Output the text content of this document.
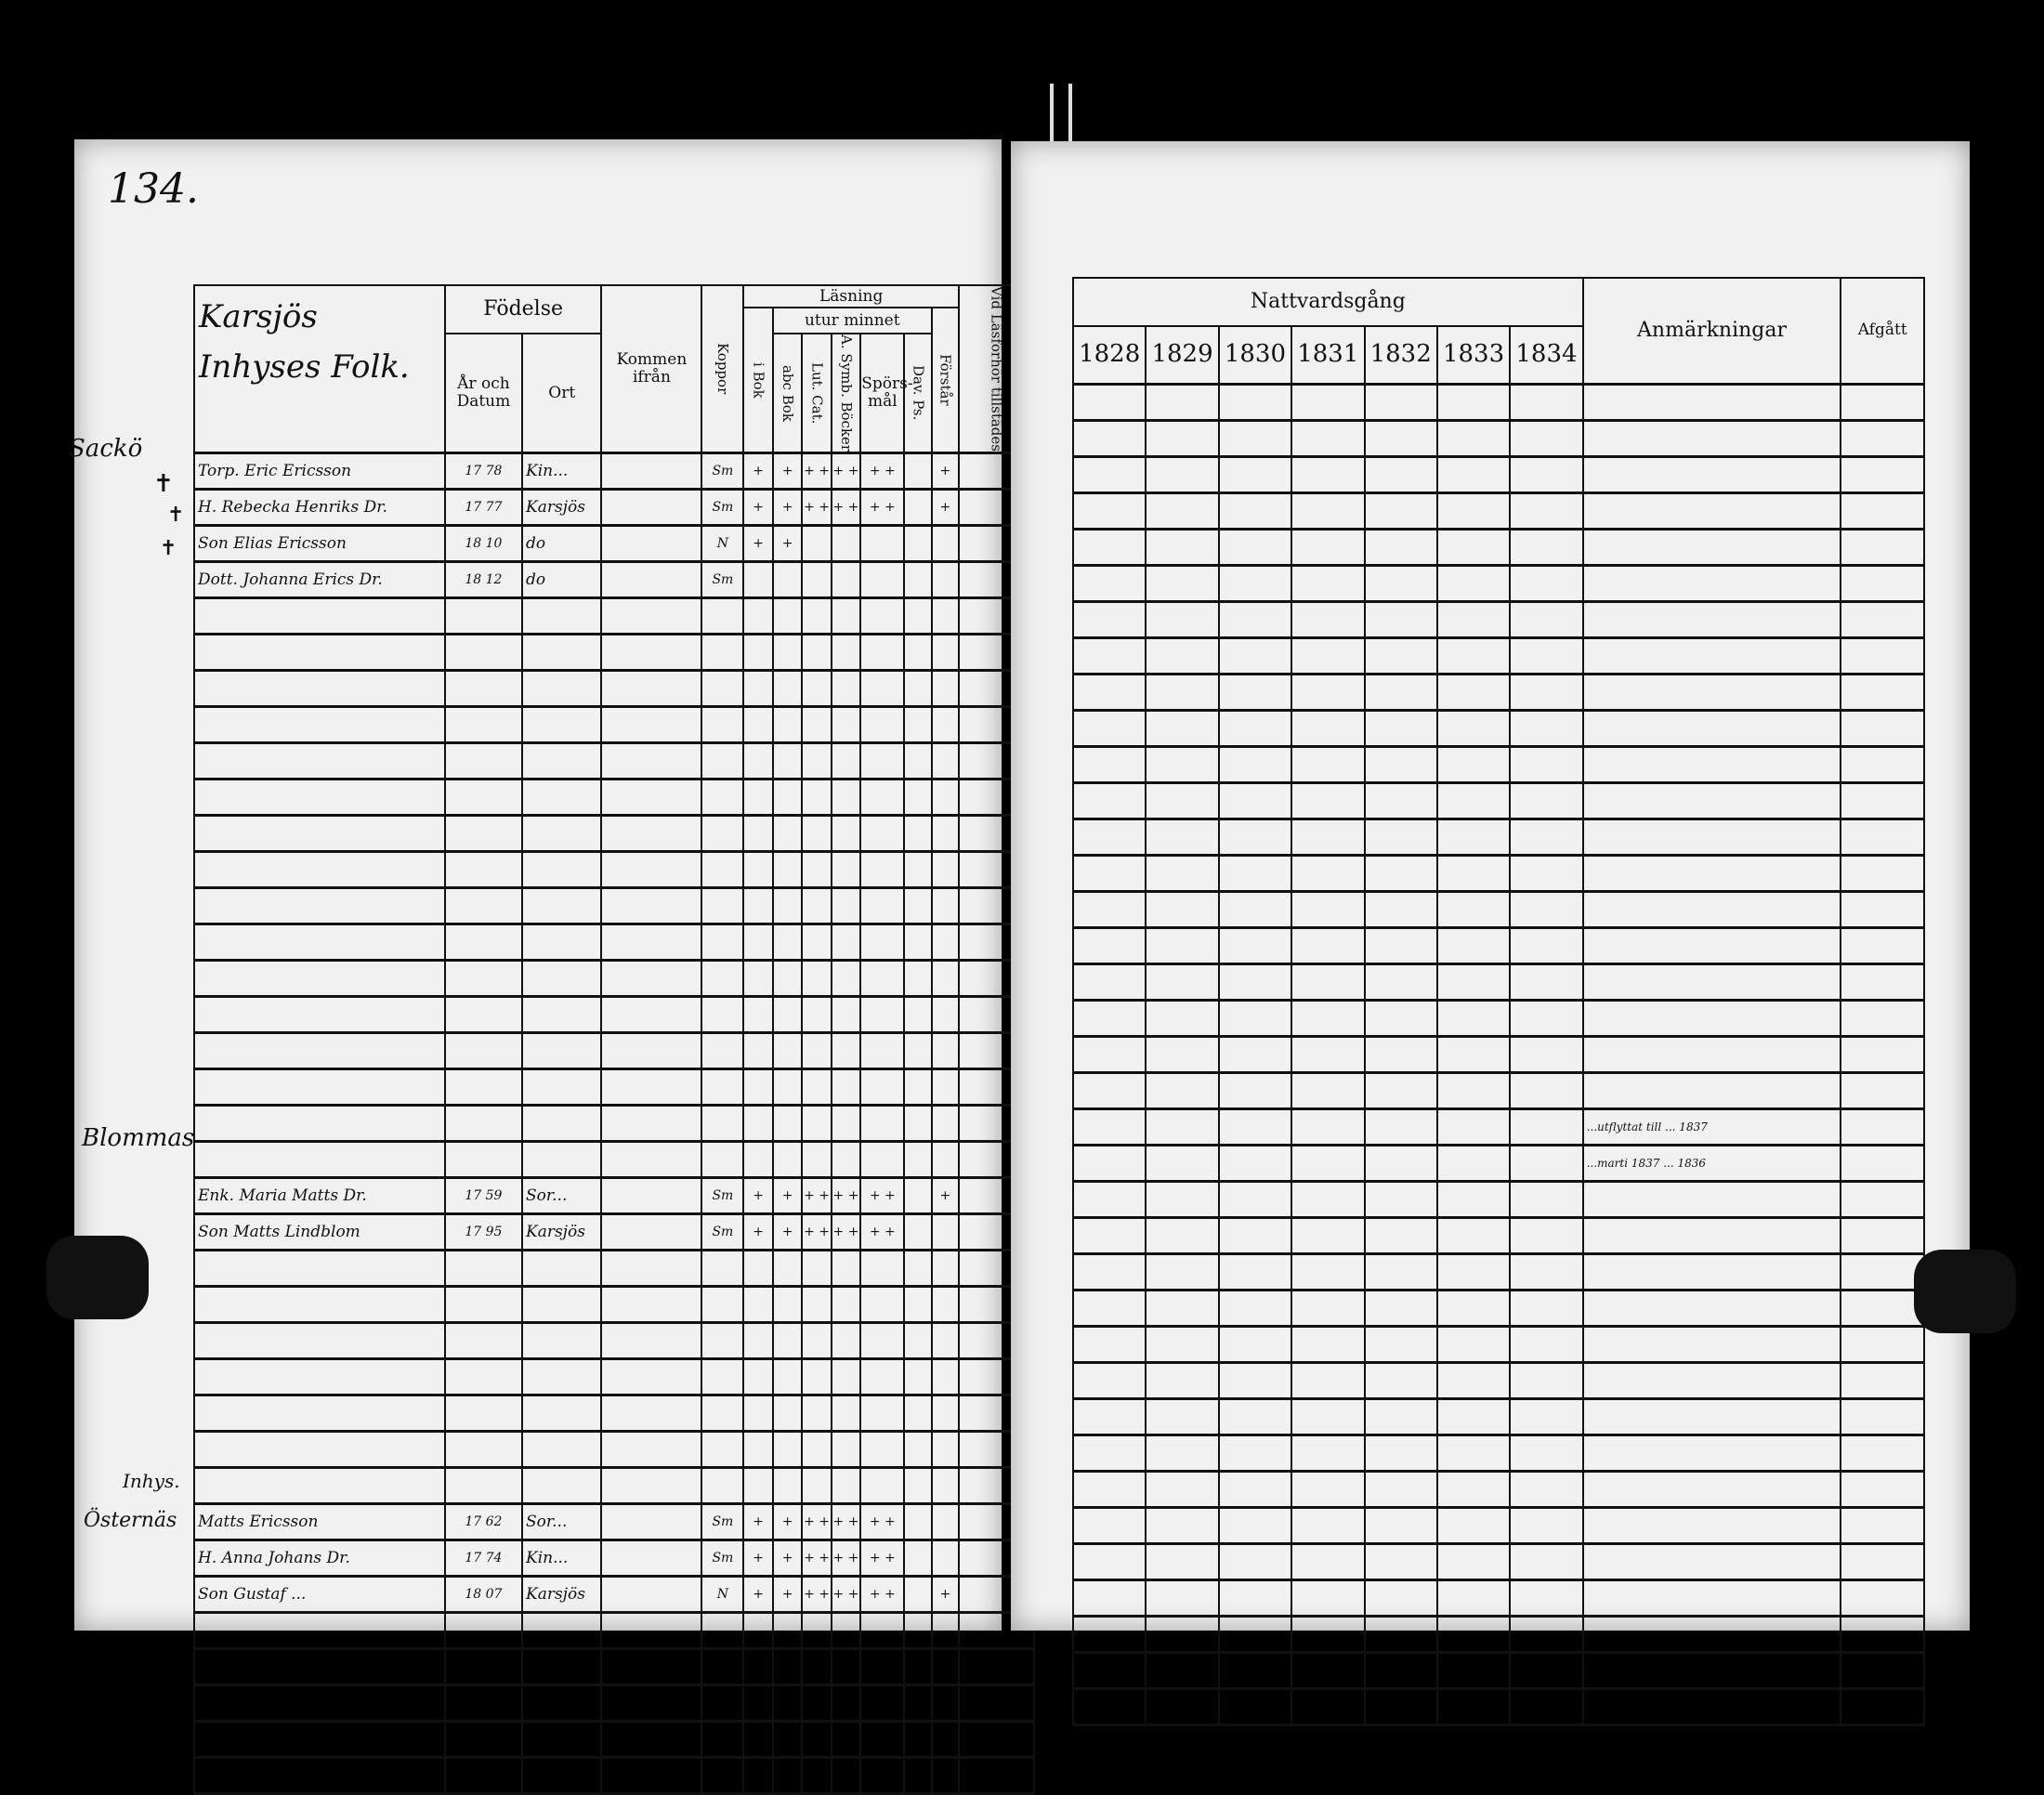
134.
Sackö
✝
✝
✝
Blommas
Inhys.
Östernäs
Karsjös Inhyses Folk.	Födelse		Kommen ifrån	Koppor	Läsning							Vid Läsförhör tillstädes
					i Bok	utur minnet					Förstår	
	År och Datum	Ort				abc Bok	Lut. Cat.	A. Symb. Böcker	Spörs-mål	Dav. Ps.		
Torp. Eric Ericsson	17 78	Kin...		Sm	+	+	+ +	+ +	+ +		+	
H. Rebecka Henriks Dr.	17 77	Karsjös		Sm	+	+	+ +	+ +	+ +		+	
Son Elias Ericsson	18 10	do		N	+	+						
Dott. Johanna Erics Dr.	18 12	do		Sm								

Enk. Maria Matts Dr.	17 59	Sor...		Sm	+	+	+ +	+ +	+ +		+	
Son Matts Lindblom	17 95	Karsjös		Sm	+	+	+ +	+ +	+ +			

Matts Ericsson	17 62	Sor...		Sm	+	+	+ +	+ +	+ +			
H. Anna Johans Dr.	17 74	Kin...		Sm	+	+	+ +	+ +	+ +			
Son Gustaf ...	18 07	Karsjös		N	+	+	+ +	+ +	+ +		+	

Nattvardsgång							Anmärkningar	Afgått
1828	1829	1830	1831	1832	1833	1834		

							...utflyttat till ... 1837	
							...marti 1837 ... 1836	
